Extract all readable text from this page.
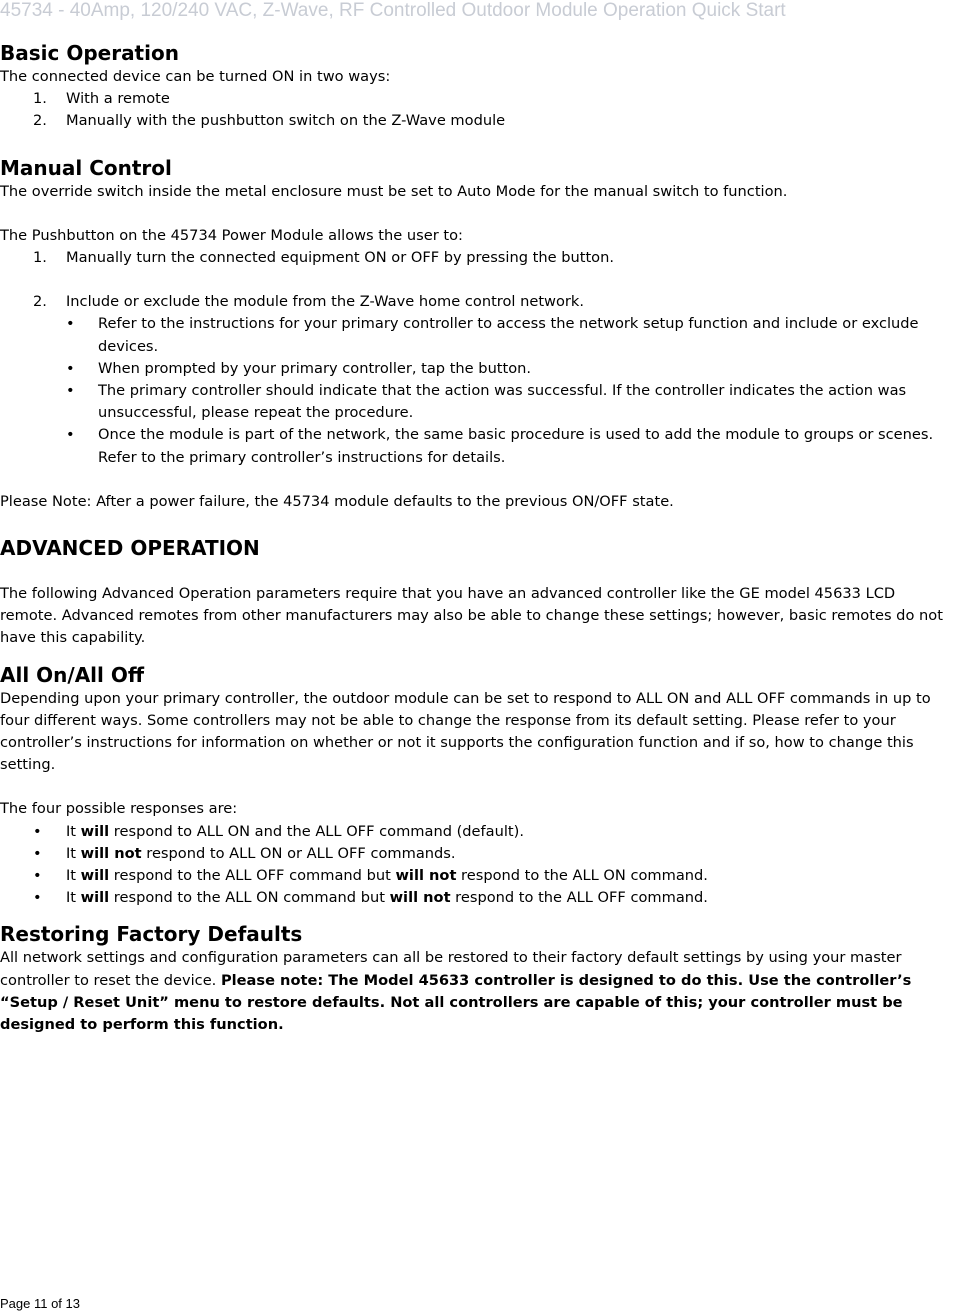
45734 - 40Amp, 120/240 VAC, Z-Wave, RF Controlled Outdoor Module Operation Quick Start
Basic Operation

The connected device can be turned ON in two ways:

1. With a remote
2. Manually with the pushbutton switch on the Z-Wave module
Manual Control

The override switch inside the metal enclosure must be set to Auto Mode for the manual switch to function.

The Pushbutton on the 45734 Power Module allows the user to:

1. Manually turn the connected equipment ON or OFF by pressing the button.
2. Include or exclude the module from the Z-Wave home control network.
• Refer to the instructions for your primary controller to access the network setup function and include or exclude devices.
• When prompted by your primary controller, tap the button.
• The primary controller should indicate that the action was successful. If the controller indicates the action was unsuccessful, please repeat the procedure.
• Once the module is part of the network, the same basic procedure is used to add the module to groups or scenes. Refer to the primary controller’s instructions for details.

Please Note: After a power failure, the 45734 module defaults to the previous ON/OFF state.

ADVANCED OPERATION

The following Advanced Operation parameters require that you have an advanced controller like the GE model 45633 LCD remote. Advanced remotes from other manufacturers may also be able to change these settings; however, basic remotes do not have this capability.

All On/All Off

Depending upon your primary controller, the outdoor module can be set to respond to ALL ON and ALL OFF commands in up to four different ways. Some controllers may not be able to change the response from its default setting. Please refer to your controller’s instructions for information on whether or not it supports the configuration function and if so, how to change this setting.

The four possible responses are:

• It will respond to ALL ON and the ALL OFF command (default).
• It will not respond to ALL ON or ALL OFF commands.
• It will respond to the ALL OFF command but will not respond to the ALL ON command.
• It will respond to the ALL ON command but will not respond to the ALL OFF command.
Restoring Factory Defaults

All network settings and configuration parameters can all be restored to their factory default settings by using your master controller to reset the device. Please note: The Model 45633 controller is designed to do this. Use the controller’s “Setup / Reset Unit” menu to restore defaults. Not all controllers are capable of this; your controller must be designed to perform this function.

Page 11 of 13
